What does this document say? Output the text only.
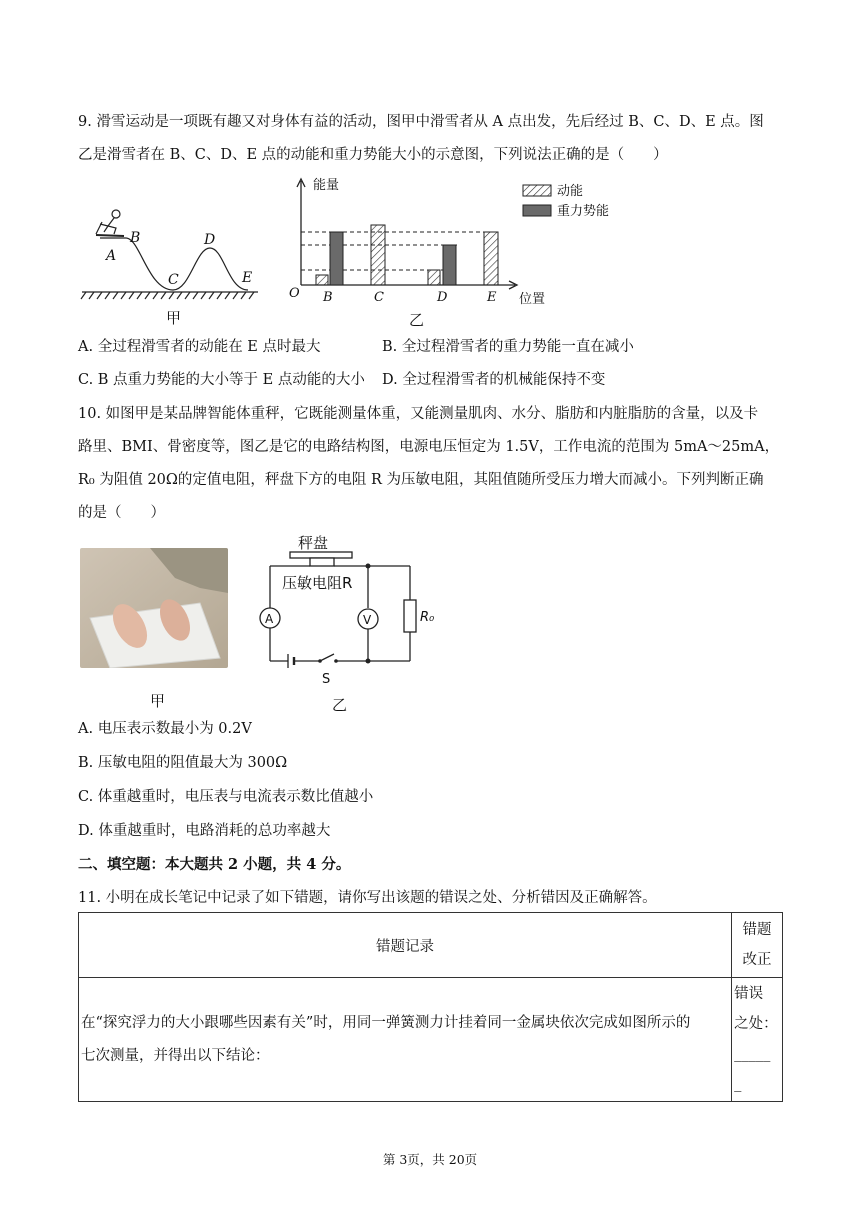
9. 滑雪运动是一项既有趣又对身体有益的活动，图甲中滑雪者从 A 点出发，先后经过 B、C、D、E 点。图
乙是滑雪者在 B、C、D、E 点的动能和重力势能大小的示意图，下列说法正确的是（　　）
B
A
C
D
E
甲
动能
重力势能
能量
位置
O B	C	D	E
乙
A. 全过程滑雪者的动能在 E 点时最大	B. 全过程滑雪者的重力势能一直在减小
C. B 点重力势能的大小等于 E 点动能的大小 D. 全过程滑雪者的机械能保持不变
10. 如图甲是某品牌智能体重秤，它既能测量体重，又能测量肌肉、水分、脂肪和内脏脂肪的含量，以及卡
路里、BMI、骨密度等，图乙是它的电路结构图，电源电压恒定为 1.5V，工作电流的范围为 5mA～25mA，
R₀ 为阻值 20Ω的定值电阻，秤盘下方的电阻 R 为压敏电阻，其阻值随所受压力增大而减小。下列判断正确
的是（　　）
甲
秤盘
压敏电阻R
A	V	R₀
S
乙
A. 电压表示数最小为 0.2V
B. 压敏电阻的阻值最大为 300Ω
C. 体重越重时，电压表与电流表示数比值越小
D. 体重越重时，电路消耗的总功率越大
二、填空题：本大题共 2 小题，共 4 分。
11. 小明在成长笔记中记录了如下错题，请你写出该题的错误之处、分析错因及正确解答。
错题记录	错题
改正
在“探究浮力的大小跟哪些因素有关”时，用同一弹簧测力计挂着同一金属块依次完成如图所示的
七次测量，并得出以下结论：	错误
之处：
_____
_
第 3页，共 20页
